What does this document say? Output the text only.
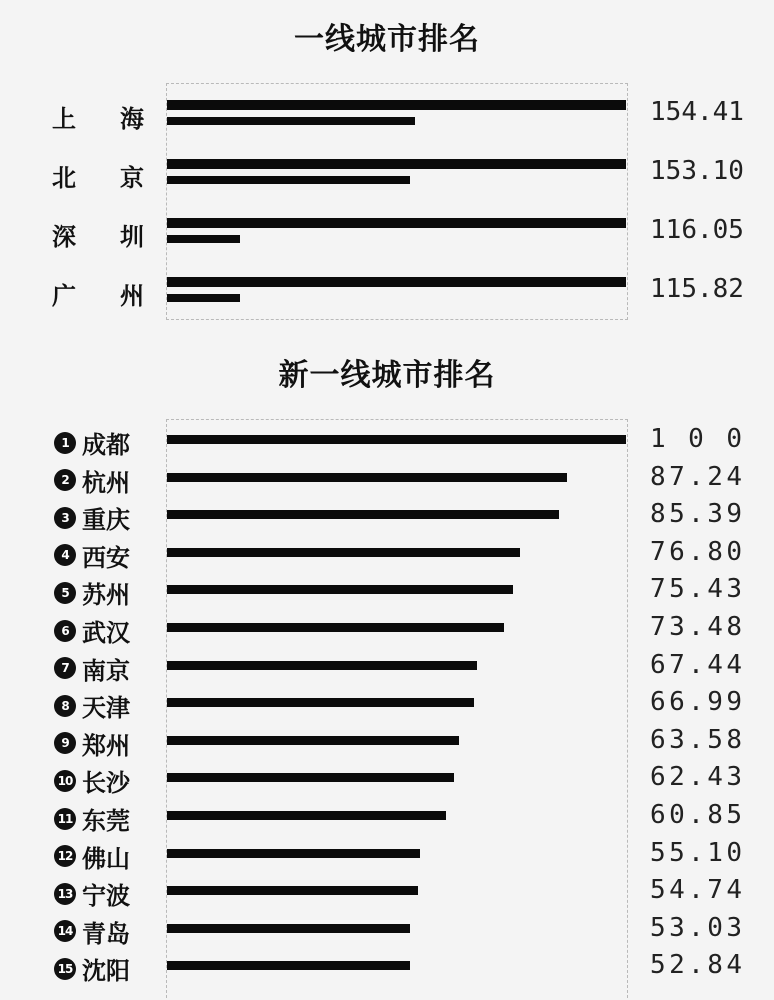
一线城市排名
上 海	1 5 4 . 4 1
北 京	1 5 3 . 1 0
深 圳	1 1 6 . 0 5
广 州	1 1 5 . 8 2
新一线城市排名
1 成都	1 0 0
2 杭州	8 7 . 2 4
3 重庆	8 5 . 3 9
4 西安	7 6 . 8 0
5 苏州	7 5 . 4 3
6 武汉	7 3 . 4 8
7 南京	6 7 . 4 4
8 天津	6 6 . 9 9
9 郑州	6 3 . 5 8
10 长沙	6 2 . 4 3
11 东莞	6 0 . 8 5
12 佛山	5 5 . 1 0
13 宁波	5 4 . 7 4
14 青岛	5 3 . 0 3
15 沈阳	5 2 . 8 4
